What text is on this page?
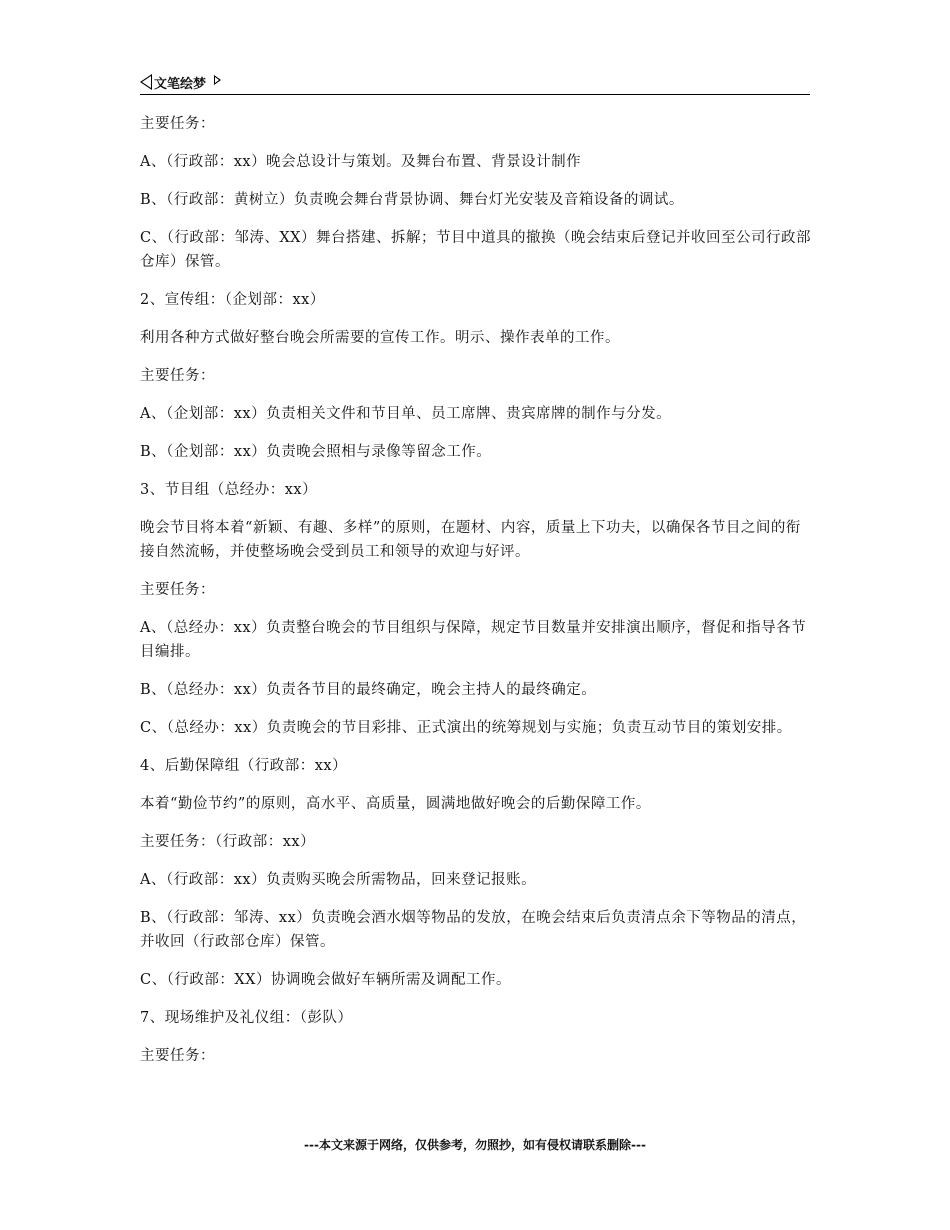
文笔绘梦

主要任务：

A、（行政部：xx）晚会总设计与策划。及舞台布置、背景设计制作

B、（行政部：黄树立）负责晚会舞台背景协调、舞台灯光安装及音箱设备的调试。

C、（行政部：邹涛、XX）舞台搭建、拆解；节目中道具的撤换（晚会结束后登记并收回至公司行政部仓库）保管。

2、宣传组：（企划部：xx）

利用各种方式做好整台晚会所需要的宣传工作。明示、操作表单的工作。

主要任务：

A、（企划部：xx）负责相关文件和节目单、员工席牌、贵宾席牌的制作与分发。

B、（企划部：xx）负责晚会照相与录像等留念工作。

3、节目组（总经办：xx）

晚会节目将本着“新颖、有趣、多样”的原则，在题材、内容，质量上下功夫，以确保各节目之间的衔接自然流畅，并使整场晚会受到员工和领导的欢迎与好评。

主要任务：

A、（总经办：xx）负责整台晚会的节目组织与保障，规定节目数量并安排演出顺序，督促和指导各节目编排。

B、（总经办：xx）负责各节目的最终确定，晚会主持人的最终确定。

C、（总经办：xx）负责晚会的节目彩排、正式演出的统筹规划与实施；负责互动节目的策划安排。

4、后勤保障组（行政部：xx）

本着“勤俭节约”的原则，高水平、高质量，圆满地做好晚会的后勤保障工作。

主要任务：（行政部：xx）

A、（行政部：xx）负责购买晚会所需物品，回来登记报账。

B、（行政部：邹涛、xx）负责晚会酒水烟等物品的发放，在晚会结束后负责清点余下等物品的清点，并收回（行政部仓库）保管。

C、（行政部：XX）协调晚会做好车辆所需及调配工作。

7、现场维护及礼仪组：（彭队）

主要任务：

---本文来源于网络，仅供参考，勿照抄，如有侵权请联系删除---
